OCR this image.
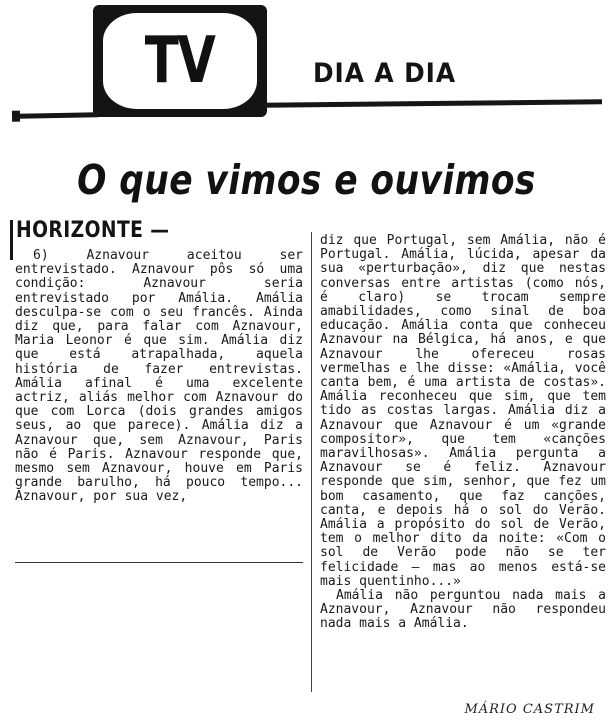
TV	DIA A DIA
O que vimos e ouvimos
HORIZONTE —

6) Aznavour aceitou ser entrevistado. Aznavour pôs só uma condição: Aznavour seria entrevistado por Amália. Amália desculpa-se com o seu francês. Ainda diz que, para falar com Aznavour, Maria Leonor é que sim. Amália diz que está atrapalhada, aquela história de fazer entrevistas. Amália afinal é uma excelente actriz, aliás melhor com Aznavour do que com Lorca (dois grandes amigos seus, ao que parece). Amália diz a Aznavour que, sem Aznavour, Paris não é Paris. Aznavour responde que, mesmo sem Aznavour, houve em Paris grande barulho, há pouco tempo... Aznavour, por sua vez,

diz que Portugal, sem Amália, não é Portugal. Amália, lúcida, apesar da sua «perturbação», diz que nestas conversas entre artistas (como nós, é claro) se trocam sempre amabilidades, como sinal de boa educação. Amália conta que conheceu Aznavour na Bélgica, há anos, e que Aznavour lhe ofereceu rosas vermelhas e lhe disse: «Amália, você canta bem, é uma artista de costas». Amália reconheceu que sim, que tem tido as costas largas. Amália diz a Aznavour que Aznavour é um «grande compositor», que tem «canções maravilhosas». Amália pergunta a Aznavour se é feliz. Aznavour responde que sim, senhor, que fez um bom casamento, que faz canções, canta, e depois há o sol do Verão. Amália a propósito do sol de Verão, tem o melhor dito da noite: «Com o sol de Verão pode não se ter felicidade — mas ao menos está-se mais quentinho...»

Amália não perguntou nada mais a Aznavour, Aznavour não respondeu nada mais a Amália.

MÁRIO CASTRIM
